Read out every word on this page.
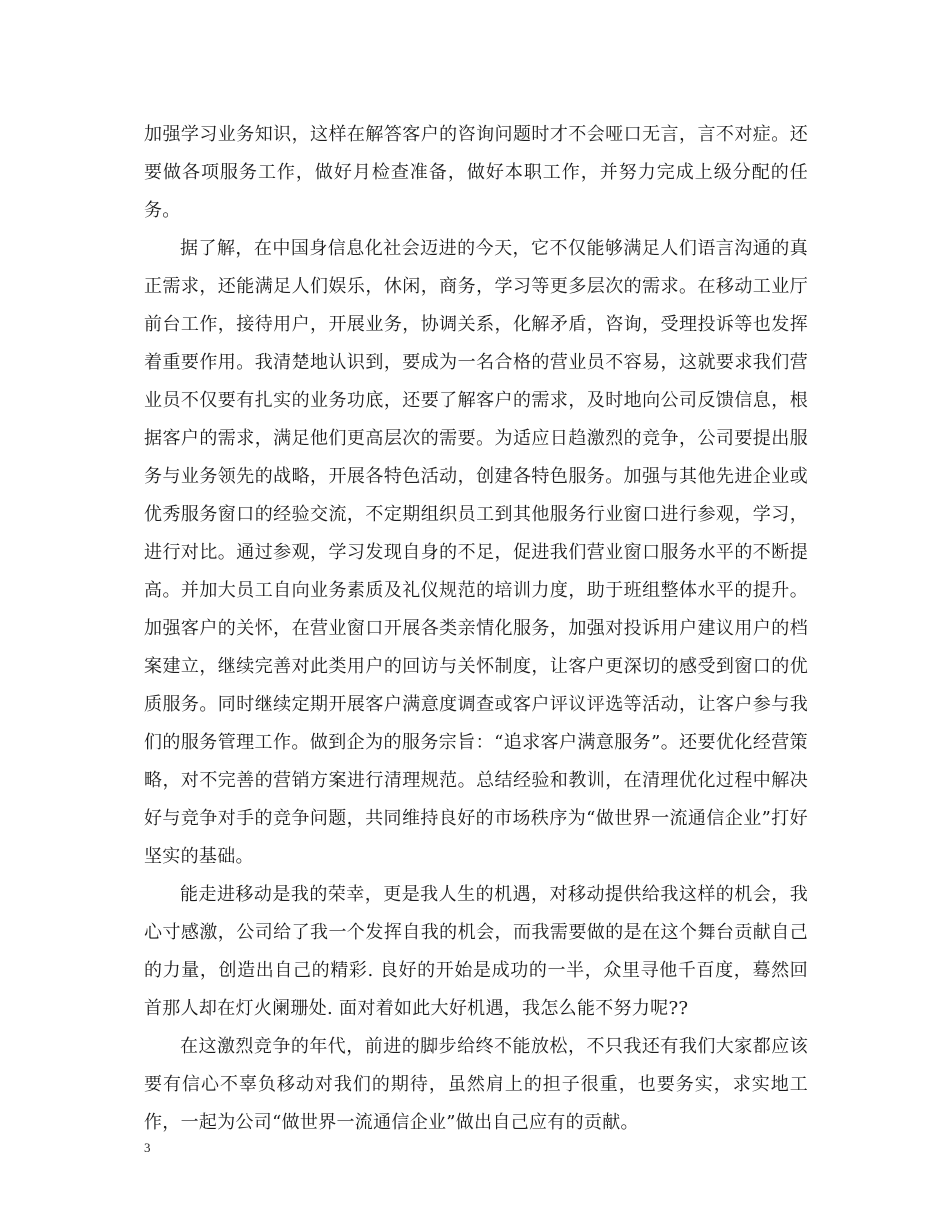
加强学习业务知识，这样在解答客户的咨询问题时才不会哑口无言，言不对症。还要做各项服务工作，做好月检查准备，做好本职工作，并努力完成上级分配的任务。

据了解，在中国身信息化社会迈进的今天，它不仅能够满足人们语言沟通的真正需求，还能满足人们娱乐，休闲，商务，学习等更多层次的需求。在移动工业厅前台工作，接待用户，开展业务，协调关系，化解矛盾，咨询，受理投诉等也发挥着重要作用。我清楚地认识到，要成为一名合格的营业员不容易，这就要求我们营业员不仅要有扎实的业务功底，还要了解客户的需求，及时地向公司反馈信息，根据客户的需求，满足他们更高层次的需要。为适应日趋激烈的竞争，公司要提出服务与业务领先的战略，开展各特色活动，创建各特色服务。加强与其他先进企业或优秀服务窗口的经验交流，不定期组织员工到其他服务行业窗口进行参观，学习，进行对比。通过参观，学习发现自身的不足，促进我们营业窗口服务水平的不断提高。并加大员工自向业务素质及礼仪规范的培训力度，助于班组整体水平的提升。加强客户的关怀，在营业窗口开展各类亲情化服务，加强对投诉用户建议用户的档案建立，继续完善对此类用户的回访与关怀制度，让客户更深切的感受到窗口的优质服务。同时继续定期开展客户满意度调查或客户评议评选等活动，让客户参与我们的服务管理工作。做到企为的服务宗旨：“追求客户满意服务”。还要优化经营策略，对不完善的营销方案进行清理规范。总结经验和教训，在清理优化过程中解决好与竞争对手的竞争问题，共同维持良好的市场秩序为“做世界一流通信企业”打好坚实的基础。

能走进移动是我的荣幸，更是我人生的机遇，对移动提供给我这样的机会，我心寸感激，公司给了我一个发挥自我的机会，而我需要做的是在这个舞台贡献自己的力量，创造出自己的精彩. 良好的开始是成功的一半，众里寻他千百度，蓦然回首那人却在灯火阑珊处. 面对着如此大好机遇，我怎么能不努力呢??

在这激烈竞争的年代，前进的脚步给终不能放松，不只我还有我们大家都应该要有信心不辜负移动对我们的期待，虽然肩上的担子很重，也要务实，求实地工作，一起为公司“做世界一流通信企业”做出自己应有的贡献。

3
